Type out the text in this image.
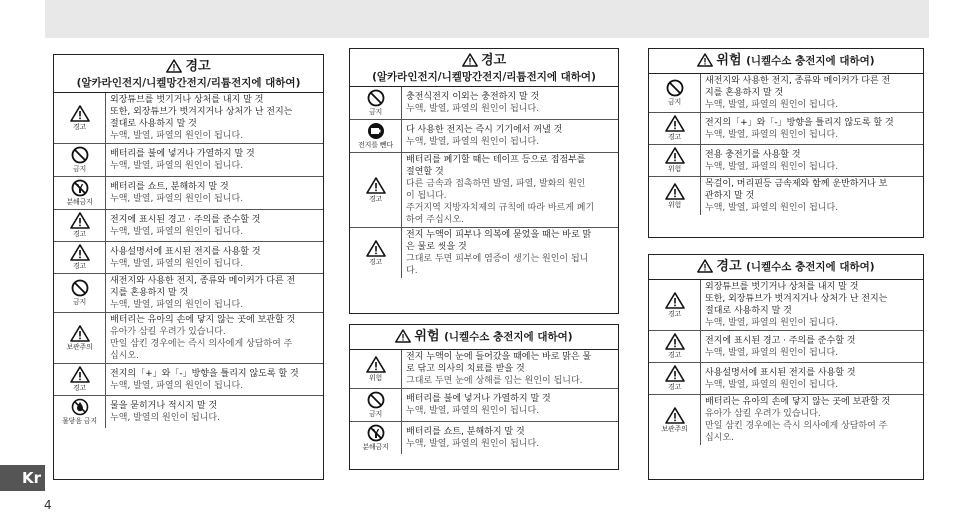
경고
(알카라인전지/니켈망간전지/리튬전지에 대하여)
경고
외장튜브를 벗기거나 상처를 내지 말 것
또한, 외장튜브가 벗겨지거나 상처가 난 전지는
절대로 사용하지 말 것
누액, 발열, 파열의 원인이 됩니다.
금지
배터리를 불에 넣거나 가열하지 말 것
누액, 발열, 파열의 원인이 됩니다.
분해금지
배터리를 쇼트, 분해하지 말 것
누액, 발열, 파열의 원인이 됩니다.
경고
전지에 표시된 경고 · 주의를 준수할 것
누액, 발열, 파열의 원인이 됩니다.
경고
사용설명서에 표시된 전지를 사용할 것
누액, 발열, 파열의 원인이 됩니다.
금지
새전지와 사용한 전지, 종류와 메이커가 다른 전
지를 혼용하지 말 것
누액, 발열, 파열의 원인이 됩니다.
보관주의
배터리는 유아의 손에 닿지 않는 곳에 보관할 것
유아가 삼킬 우려가 있습니다.
만일 삼킨 경우에는 즉시 의사에게 상담하여 주
십시오.
경고
전지의「+」와「-」방향을 틀리지 않도록 할 것
누액, 발열, 파열의 원인이 됩니다.
물닿음 금지
물을 묻히거나 적시지 말 것
누액, 발열의 원인이 됩니다.
경고
(알카라인전지/니켈망간전지/리튬전지에 대하여)
금지
충전식전지 이외는 충전하지 말 것
누액, 발열, 파열의 원인이 됩니다.
전지를 뺀다
다 사용한 전지는 즉시 기기에서 꺼낼 것
누액, 발열, 파열의 원인이 됩니다.
경고
배터리를 폐기할 때는 테이프 등으로 접점부를
절연할 것
다른 금속과 접촉하면 발열, 파열, 발화의 원인
이 됩니다.
주거지역 지방자치제의 규칙에 따라 바르게 폐기
하여 주십시오.
경고
전지 누액이 피부나 의복에 묻었을 때는 바로 맑
은 물로 씻을 것
그대로 두면 피부에 염증이 생기는 원인이 됩니
다.
위험 (니켈수소 충전지에 대하여)
위험
전지 누액이 눈에 들어갔을 때에는 바로 맑은 물
로 닦고 의사의 치료를 받을 것
그대로 두면 눈에 상해를 입는 원인이 됩니다.
금지
배터리를 불에 넣거나 가열하지 말 것
누액, 발열, 파열의 원인이 됩니다.
분해금지
배터리를 쇼트, 분해하지 말 것
누액, 발열, 파열의 원인이 됩니다.
위험 (니켈수소 충전지에 대하여)
금지
새전지와 사용한 전지, 종류와 메이커가 다른 전
지를 혼용하지 말 것
누액, 발열, 파열의 원인이 됩니다.
경고
전지의「+」와「-」방향을 틀리지 않도록 할 것
누액, 발열, 파열의 원인이 됩니다.
위험
전용 충전기를 사용할 것
누액, 발열, 파열의 원인이 됩니다.
위험
목걸이, 머리핀등 금속제와 함께 운반하거나 보
관하지 말 것
누액, 발열, 파열의 원인이 됩니다.
경고 (니켈수소 충전지에 대하여)
경고
외장튜브를 벗기거나 상처를 내지 말 것
또한, 외장튜브가 벗겨지거나 상처가 난 전지는
절대로 사용하지 말 것
누액, 발열, 파열의 원인이 됩니다.
경고
전지에 표시된 경고 · 주의를 준수할 것
누액, 발열, 파열의 원인이 됩니다.
경고
사용설명서에 표시된 전지를 사용할 것
누액, 발열, 파열의 원인이 됩니다.
보관주의
배터리는 유아의 손에 닿지 않는 곳에 보관할 것
유아가 삼킬 우려가 있습니다.
만일 삼킨 경우에는 즉시 의사에게 상담하여 주
십시오.
Kr
4
